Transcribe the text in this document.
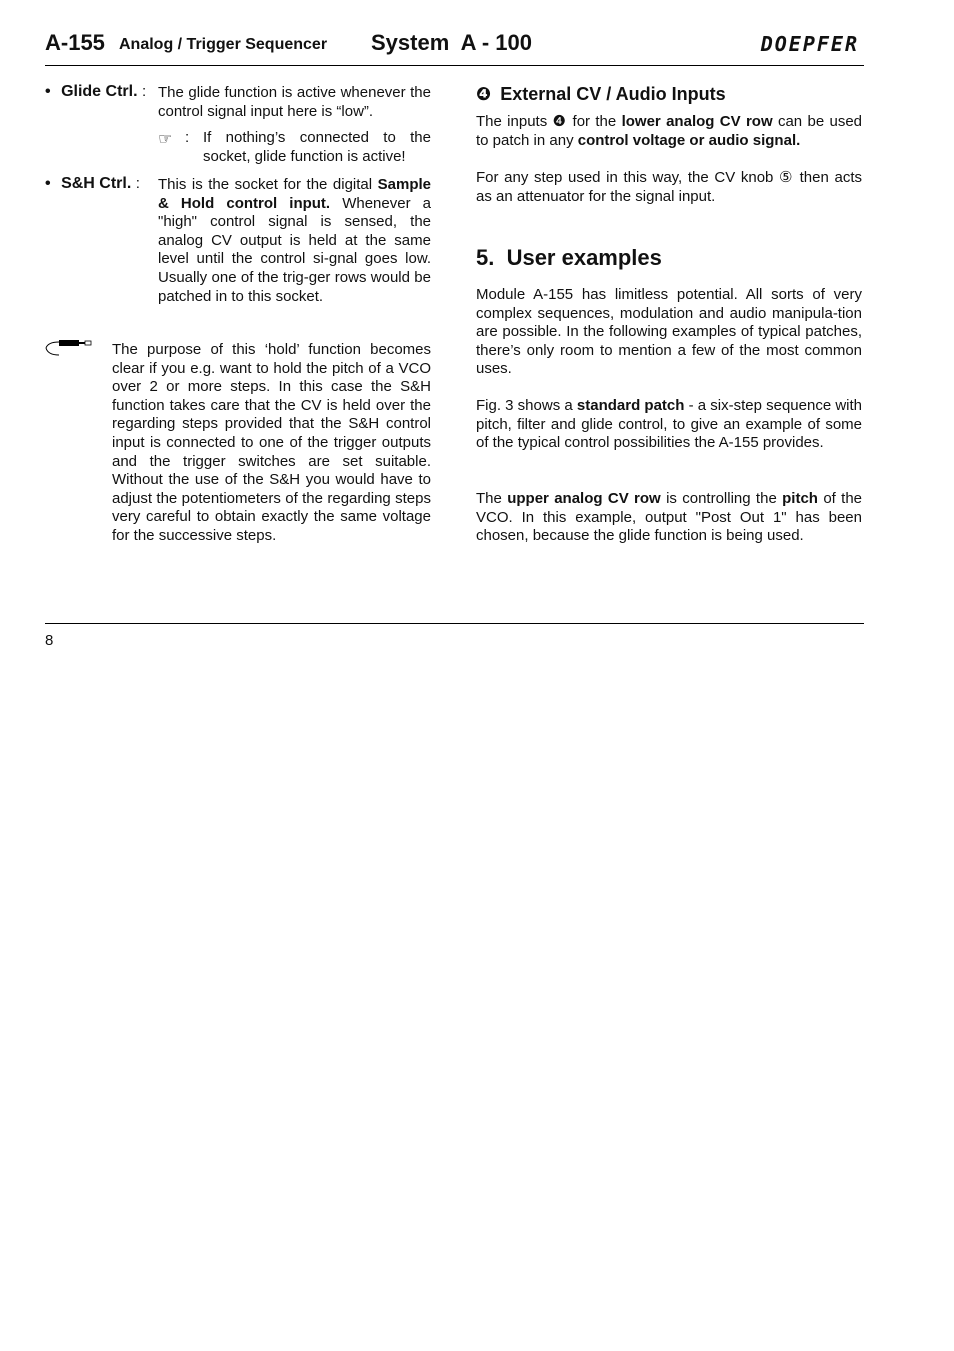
A-155 Analog / Trigger Sequencer System  A - 100	DOEPFER
• Glide Ctrl. : The glide function is active whenever the control signal input here is “low”.

☞ : If nothing’s connected to the socket, glide function is active!

• S&H Ctrl. : This is the socket for the digital Sample & Hold control input. Whenever a "high" control signal is sensed, the analog CV output is held at the same level until the control si-gnal goes low. Usually one of the trig-ger rows would be patched in to this socket.

The purpose of this ‘hold’ function becomes clear if you e.g. want to hold the pitch of a VCO over 2 or more steps. In this case the S&H function takes care that the CV is held over the regarding steps provided that the S&H control input is connected to one of the trigger outputs and the trigger switches are set suitable. Without the use of the S&H you would have to adjust the potentiometers of the regarding steps very careful to obtain exactly the same voltage for the successive steps.

❹ External CV / Audio Inputs

The inputs ❹ for the lower analog CV row can be used to patch in any control voltage or audio signal.

For any step used in this way, the CV knob ⑤ then acts as an attenuator for the signal input.

5.  User examples

Module A-155 has limitless potential. All sorts of very complex sequences, modulation and audio manipula-tion are possible. In the following examples of typical patches, there’s only room to mention a few of the most common uses.

Fig. 3 shows a standard patch - a six-step sequence with pitch, filter and glide control, to give an example of some of the typical control possibilities the A-155 provides.

The upper analog CV row is controlling the pitch of the VCO. In this example, output "Post Out 1" has been chosen, because the glide function is being used.

8
